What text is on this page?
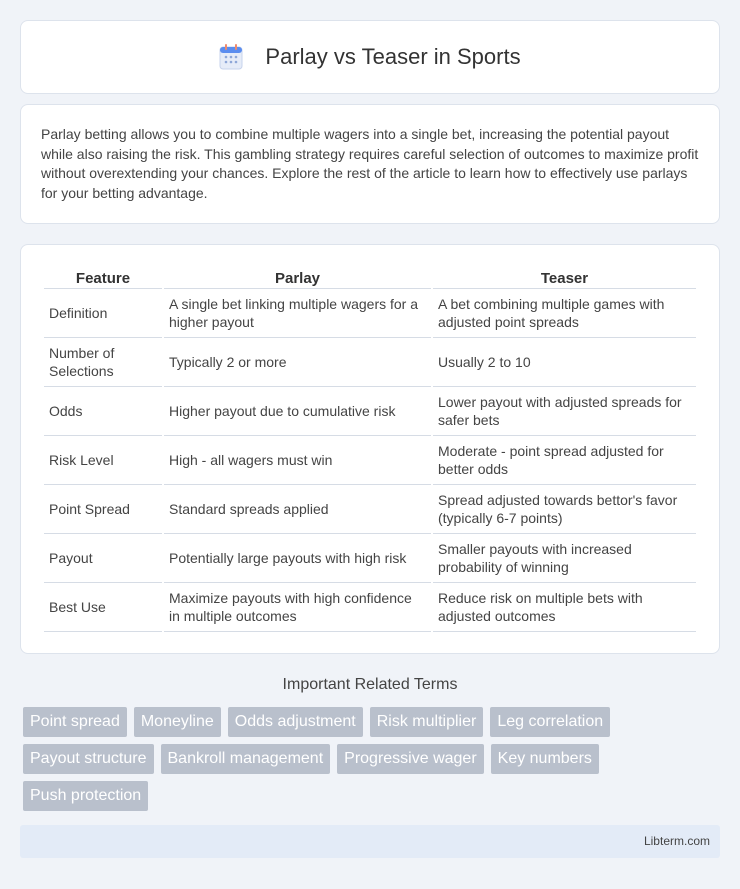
Parlay vs Teaser in Sports

Parlay betting allows you to combine multiple wagers into a single bet, increasing the potential payout while also raising the risk. This gambling strategy requires careful selection of outcomes to maximize profit without overextending your chances. Explore the rest of the article to learn how to effectively use parlays for your betting advantage.

Feature	Parlay	Teaser
Definition	A single bet linking multiple wagers for a higher payout	A bet combining multiple games with adjusted point spreads
Number of Selections	Typically 2 or more	Usually 2 to 10
Odds	Higher payout due to cumulative risk	Lower payout with adjusted spreads for safer bets
Risk Level	High - all wagers must win	Moderate - point spread adjusted for better odds
Point Spread	Standard spreads applied	Spread adjusted towards bettor's favor (typically 6-7 points)
Payout	Potentially large payouts with high risk	Smaller payouts with increased probability of winning
Best Use	Maximize payouts with high confidence in multiple outcomes	Reduce risk on multiple bets with adjusted outcomes
Important Related Terms
Point spread	Moneyline	Odds adjustment	Risk multiplier	Leg correlation
Payout structure	Bankroll management	Progressive wager	Key numbers
Push protection
Libterm.com
